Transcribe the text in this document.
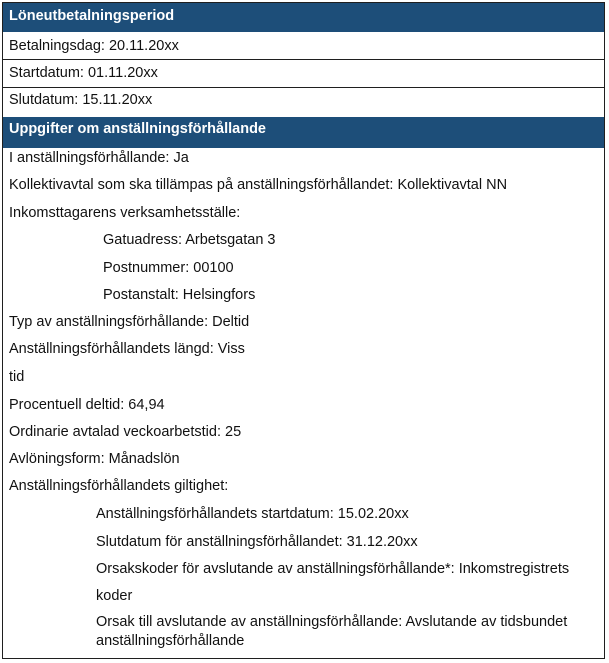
Löneutbetalningsperiod
Betalningsdag: 20.11.20xx
Startdatum: 01.11.20xx
Slutdatum: 15.11.20xx
Uppgifter om anställningsförhållande
I anställningsförhållande: Ja
Kollektivavtal som ska tillämpas på anställningsförhållandet: Kollektivavtal NN
Inkomsttagarens verksamhetsställe:
Gatuadress: Arbetsgatan 3
Postnummer: 00100
Postanstalt: Helsingfors
Typ av anställningsförhållande: Deltid
Anställningsförhållandets längd: Viss
tid
Procentuell deltid: 64,94
Ordinarie avtalad veckoarbetstid: 25
Avlöningsform: Månadslön
Anställningsförhållandets giltighet:
Anställningsförhållandets startdatum: 15.02.20xx
Slutdatum för anställningsförhållandet: 31.12.20xx
Orsakskoder för avslutande av anställningsförhållande*: Inkomstregistrets
koder
Orsak till avslutande av anställningsförhållande: Avslutande av tidsbundet
anställningsförhållande
